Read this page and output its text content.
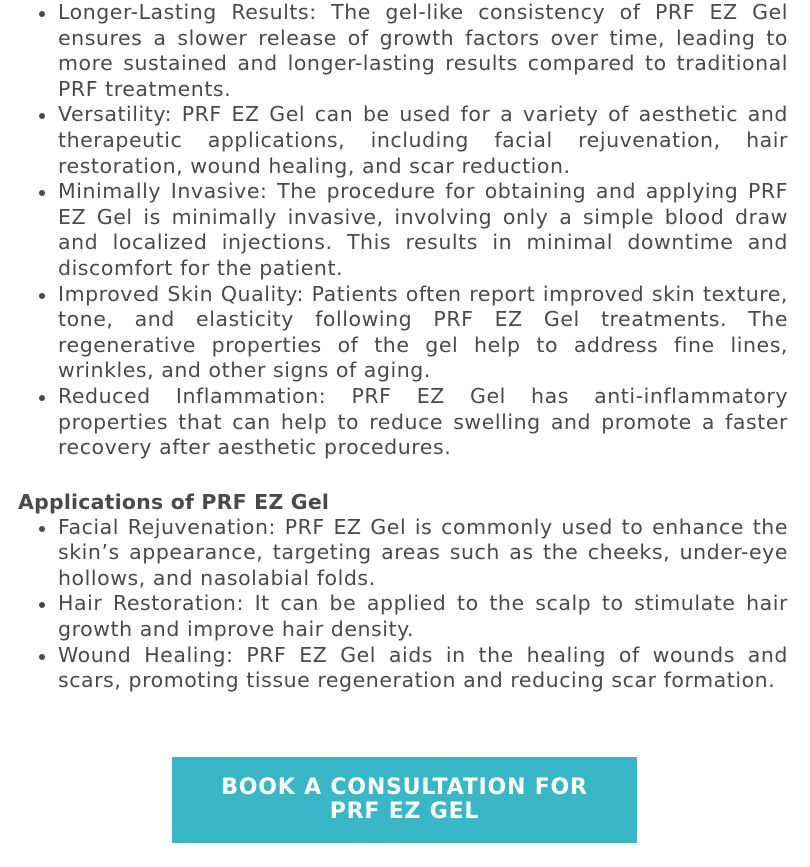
Longer-Lasting Results: The gel-like consistency of PRF EZ Gel ensures a slower release of growth factors over time, leading to more sustained and longer-lasting results compared to traditional PRF treatments.
Versatility: PRF EZ Gel can be used for a variety of aesthetic and therapeutic applications, including facial rejuvenation, hair restoration, wound healing, and scar reduction.
Minimally Invasive: The procedure for obtaining and applying PRF EZ Gel is minimally invasive, involving only a simple blood draw and localized injections. This results in minimal downtime and discomfort for the patient.
Improved Skin Quality: Patients often report improved skin texture, tone, and elasticity following PRF EZ Gel treatments. The regenerative properties of the gel help to address fine lines, wrinkles, and other signs of aging.
Reduced Inflammation: PRF EZ Gel has anti-inflammatory properties that can help to reduce swelling and promote a faster recovery after aesthetic procedures.
Applications of PRF EZ Gel
Facial Rejuvenation: PRF EZ Gel is commonly used to enhance the skin’s appearance, targeting areas such as the cheeks, under-eye hollows, and nasolabial folds.
Hair Restoration: It can be applied to the scalp to stimulate hair growth and improve hair density.
Wound Healing: PRF EZ Gel aids in the healing of wounds and scars, promoting tissue regeneration and reducing scar formation.
BOOK A CONSULTATION FOR
PRF EZ GEL
